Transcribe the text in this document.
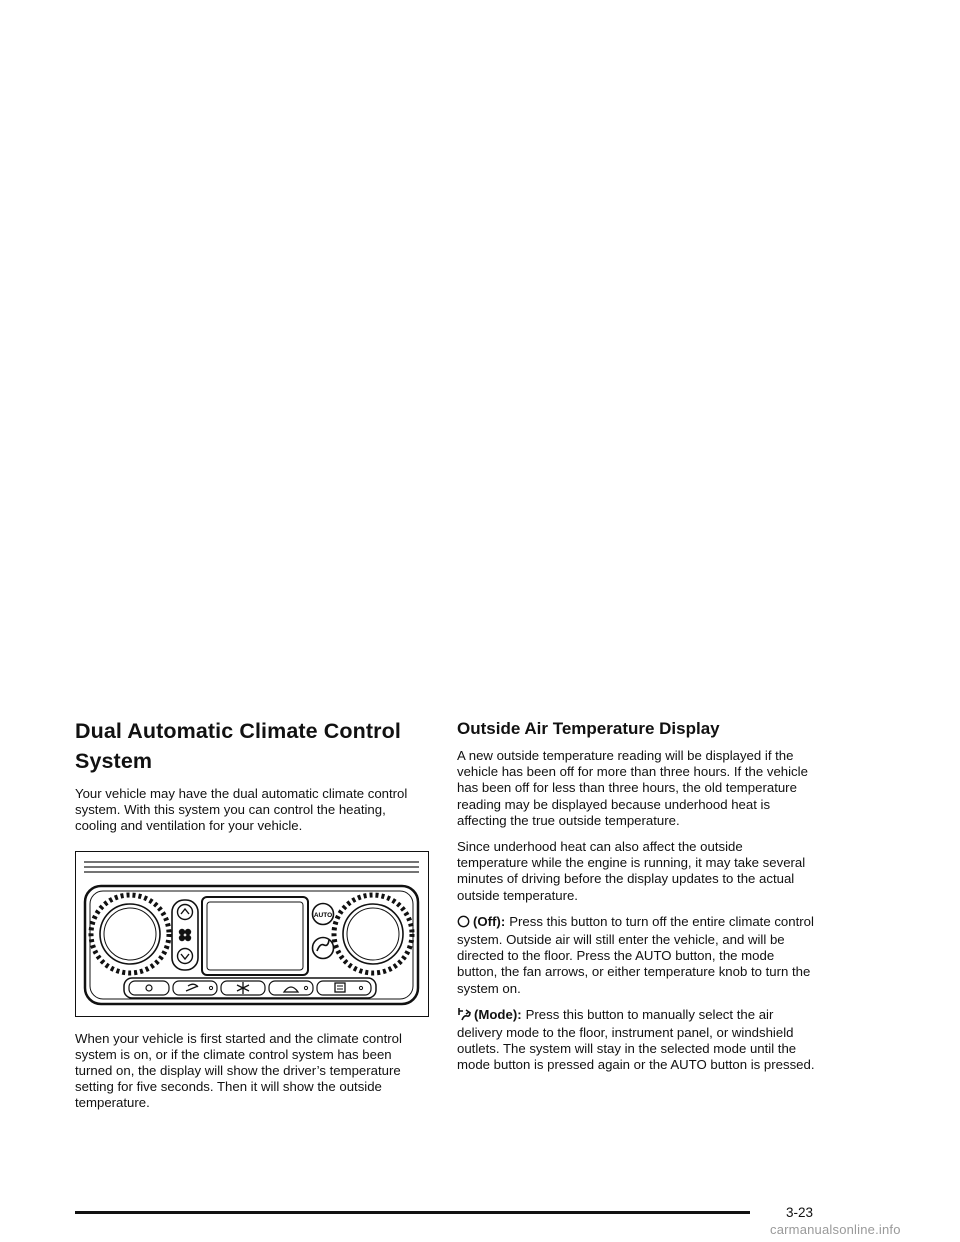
Dual Automatic Climate Control System

Your vehicle may have the dual automatic climate control system. With this system you can control the heating, cooling and ventilation for your vehicle.

AUTO

When your vehicle is first started and the climate control system is on, or if the climate control system has been turned on, the display will show the driver’s temperature setting for five seconds. Then it will show the outside temperature.

Outside Air Temperature Display

A new outside temperature reading will be displayed if the vehicle has been off for more than three hours. If the vehicle has been off for less than three hours, the old temperature reading may be displayed because underhood heat is affecting the true outside temperature.

Since underhood heat can also affect the outside temperature while the engine is running, it may take several minutes of driving before the display updates to the actual outside temperature.

(Off): Press this button to turn off the entire climate control system. Outside air will still enter the vehicle, and will be directed to the floor. Press the AUTO button, the mode button, the fan arrows, or either temperature knob to turn the system on.

(Mode): Press this button to manually select the air delivery mode to the floor, instrument panel, or windshield outlets. The system will stay in the selected mode until the mode button is pressed again or the AUTO button is pressed.

3-23
carmanualsonline.info
